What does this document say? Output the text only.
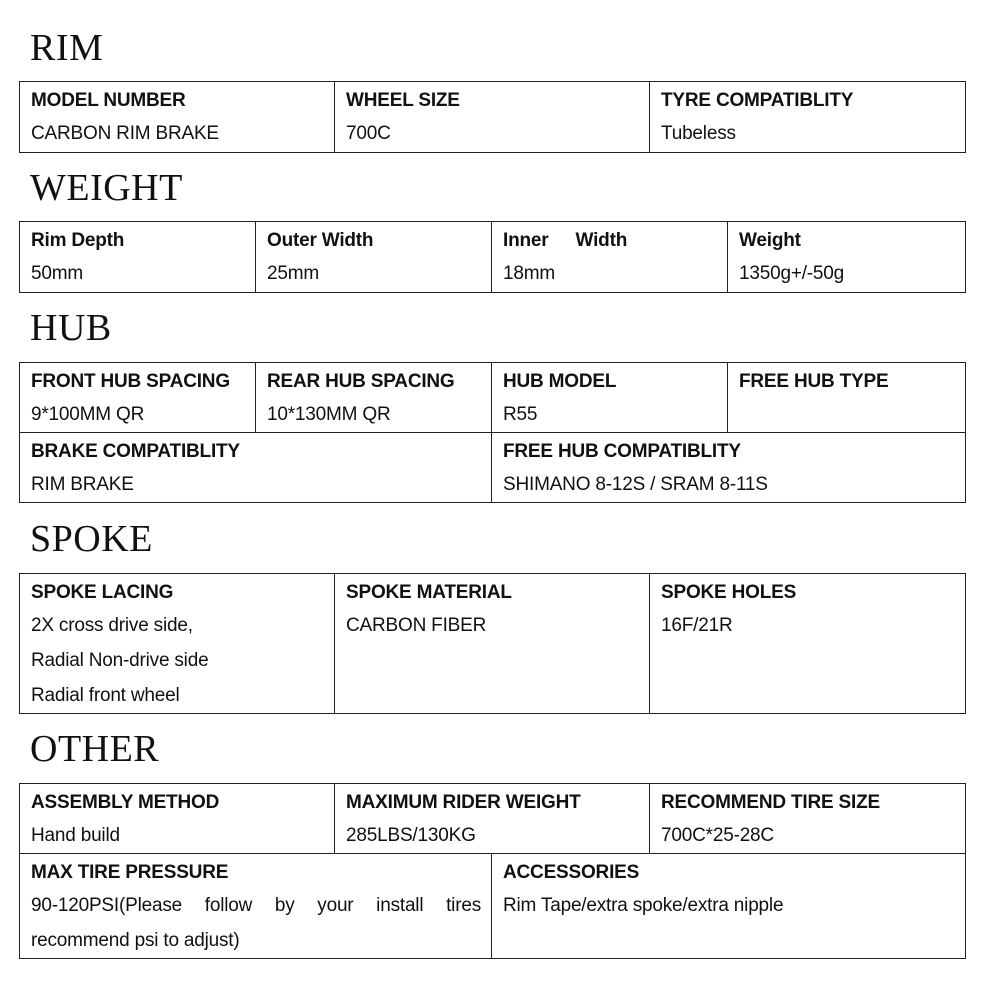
RIM
MODEL NUMBER
CARBON RIM BRAKE

WHEEL SIZE
700C

TYRE COMPATIBLITY
Tubeless
WEIGHT
Rim Depth
50mm

Outer Width
25mm

Inner Width
18mm

Weight
1350g+/-50g
HUB
FRONT HUB SPACING
9*100MM QR	REAR HUB SPACING
10*130MM QR	HUB MODEL
R55	FREE HUB TYPE

BRAKE COMPATIBLITY
RIM BRAKE		FREE HUB COMPATIBLITY
SHIMANO 8-12S / SRAM 8-11S	
SPOKE
SPOKE LACING
2X cross drive side,
Radial Non-drive side
Radial front wheel

SPOKE MATERIAL
CARBON FIBER

SPOKE HOLES
16F/21R
OTHER
ASSEMBLY METHOD
Hand build	MAXIMUM RIDER WEIGHT
285LBS/130KG		RECOMMEND TIRE SIZE
700C*25-28C

MAX TIRE PRESSURE
90-120PSI(Please follow by your install tires recommend psi to adjust)		ACCESSORIES
Rim Tape/extra spoke/extra nipple	
